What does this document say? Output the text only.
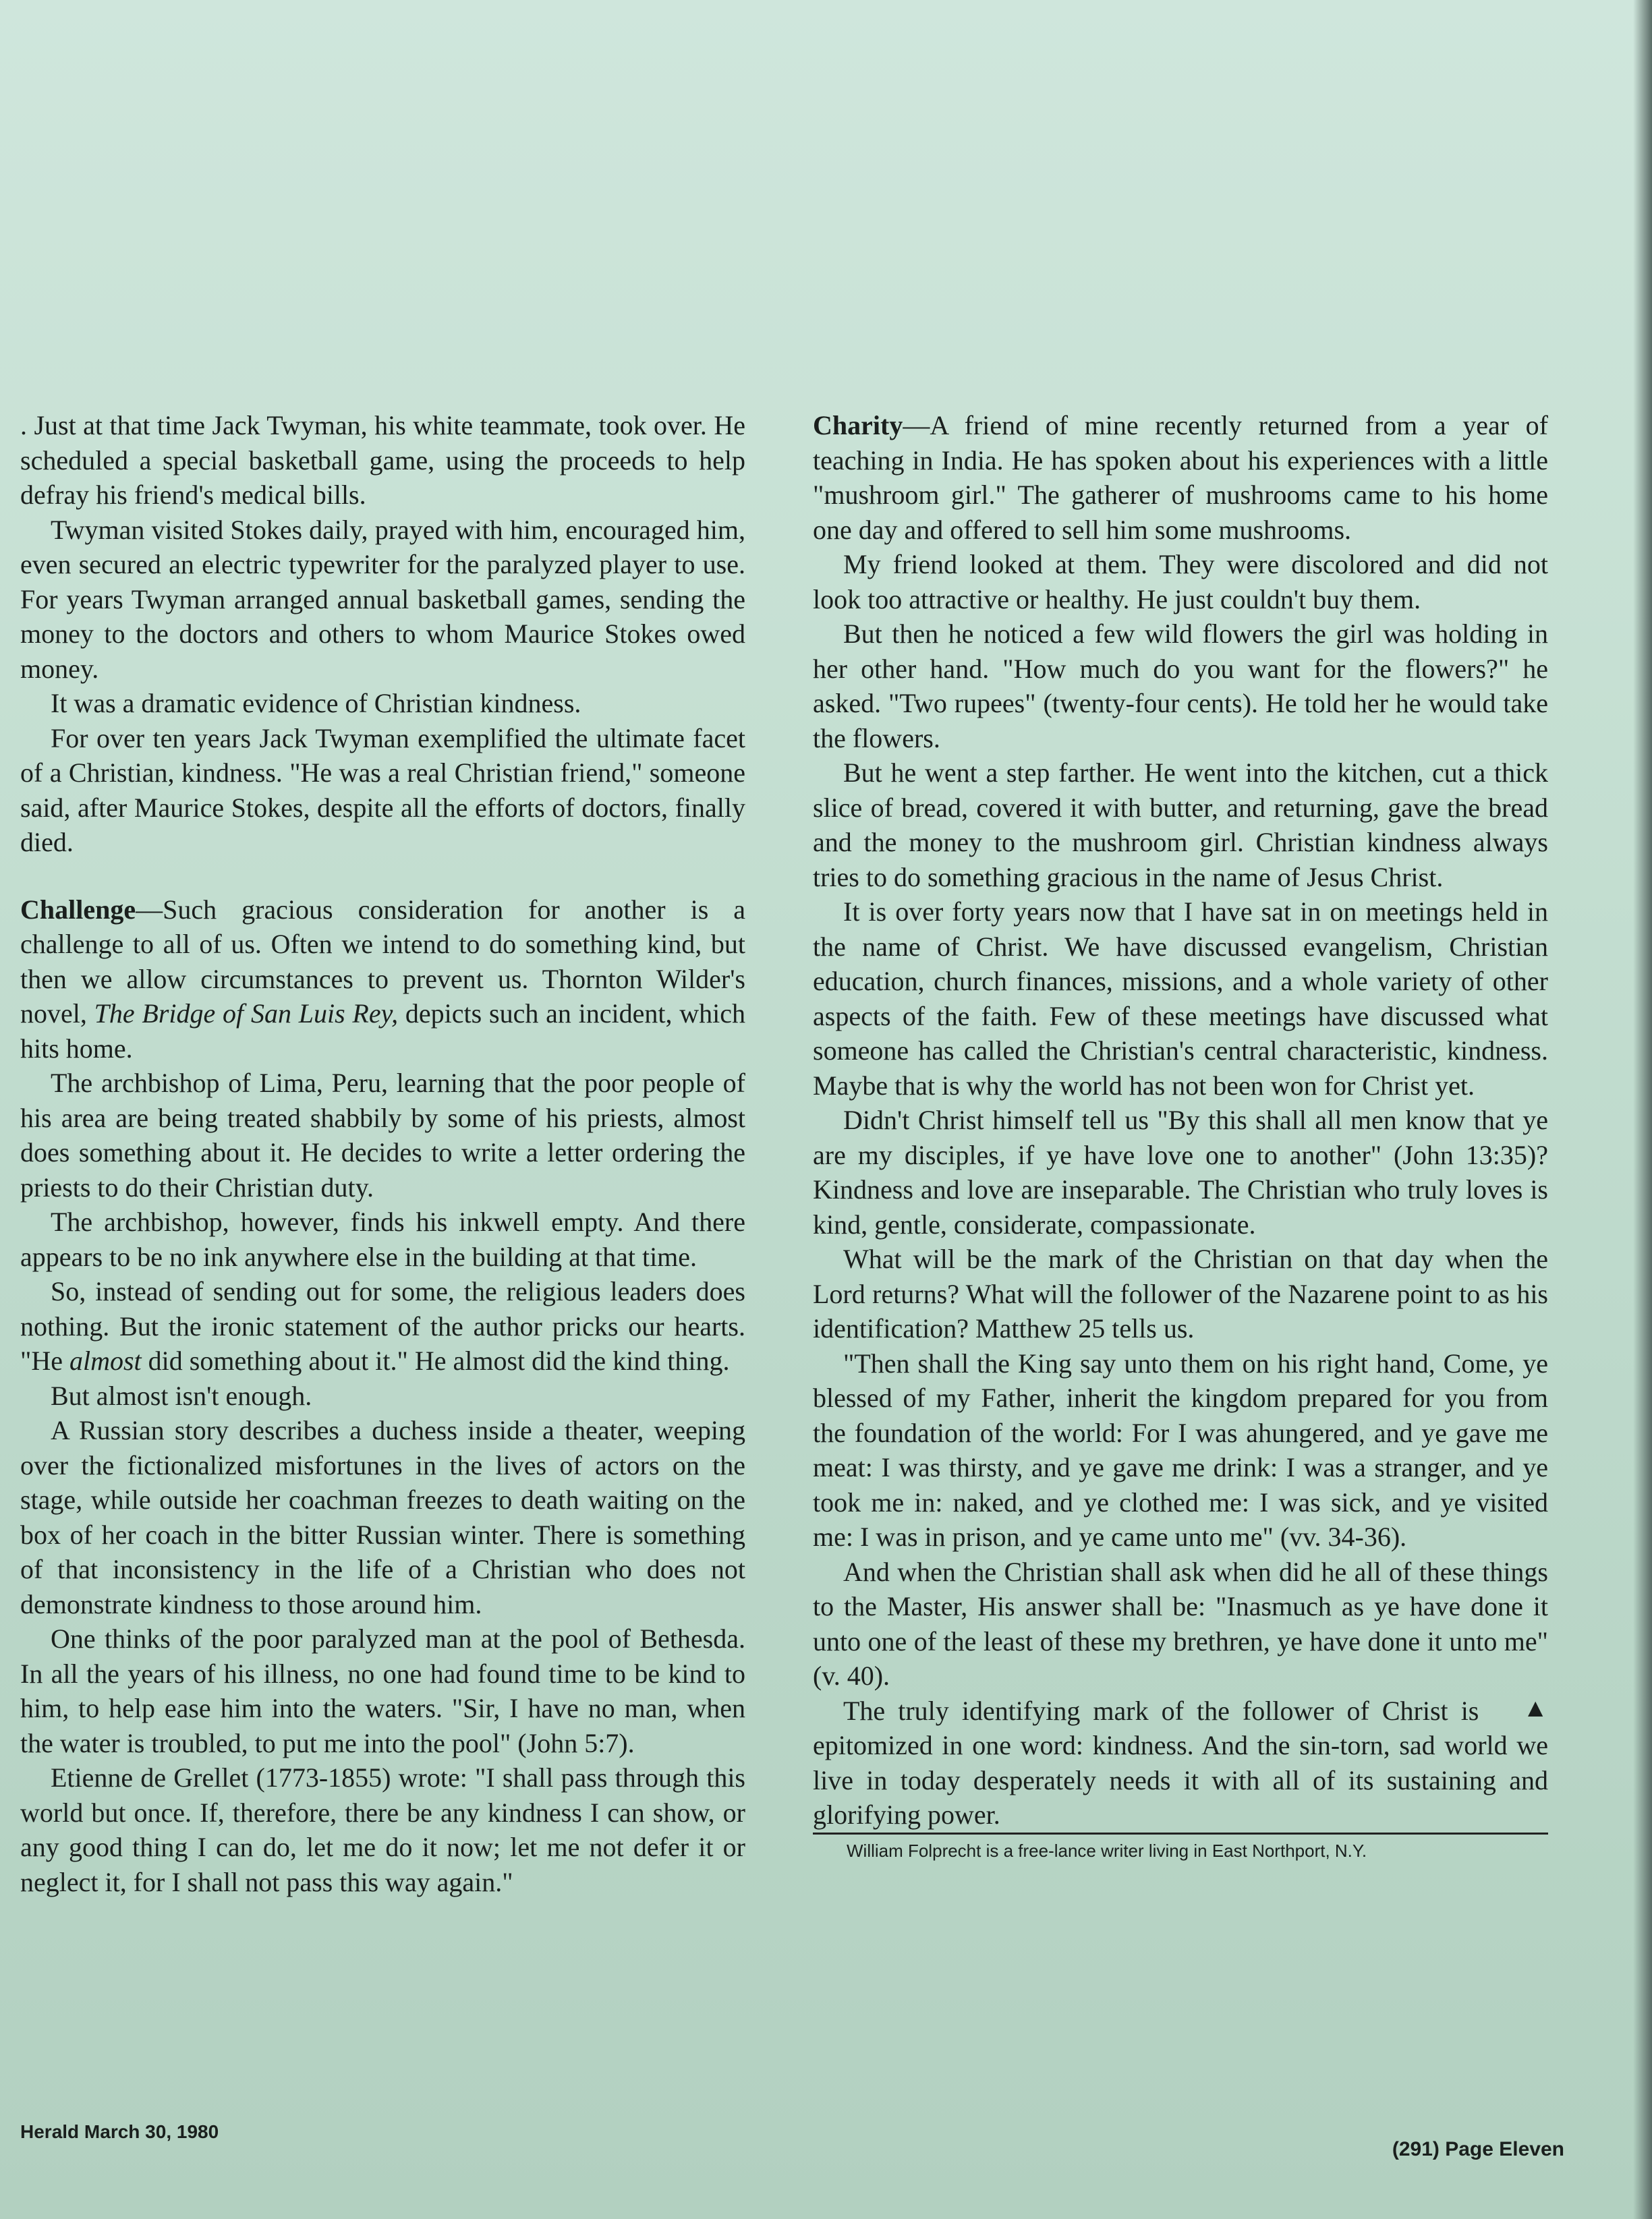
. Just at that time Jack Twyman, his white teammate, took over. He scheduled a special basketball game, using the proceeds to help defray his friend's medical bills.

Twyman visited Stokes daily, prayed with him, encouraged him, even secured an electric typewriter for the paralyzed player to use. For years Twyman arranged annual basketball games, sending the money to the doctors and others to whom Maurice Stokes owed money.

It was a dramatic evidence of Christian kindness.

For over ten years Jack Twyman exemplified the ultimate facet of a Christian, kindness. "He was a real Christian friend," someone said, after Maurice Stokes, despite all the efforts of doctors, finally died.

Challenge—Such gracious consideration for another is a challenge to all of us. Often we intend to do something kind, but then we allow circumstances to prevent us. Thornton Wilder's novel, The Bridge of San Luis Rey, depicts such an incident, which hits home.

The archbishop of Lima, Peru, learning that the poor people of his area are being treated shabbily by some of his priests, almost does something about it. He decides to write a letter ordering the priests to do their Christian duty.

The archbishop, however, finds his inkwell empty. And there appears to be no ink anywhere else in the building at that time.

So, instead of sending out for some, the religious leaders does nothing. But the ironic statement of the author pricks our hearts. "He almost did something about it." He almost did the kind thing.

But almost isn't enough.

A Russian story describes a duchess inside a theater, weeping over the fictionalized misfortunes in the lives of actors on the stage, while outside her coachman freezes to death waiting on the box of her coach in the bitter Russian winter. There is something of that inconsistency in the life of a Christian who does not demonstrate kindness to those around him.

One thinks of the poor paralyzed man at the pool of Bethesda. In all the years of his illness, no one had found time to be kind to him, to help ease him into the waters. "Sir, I have no man, when the water is troubled, to put me into the pool" (John 5:7).

Etienne de Grellet (1773-1855) wrote: "I shall pass through this world but once. If, therefore, there be any kindness I can show, or any good thing I can do, let me do it now; let me not defer it or neglect it, for I shall not pass this way again."

Charity—A friend of mine recently returned from a year of teaching in India. He has spoken about his experiences with a little "mushroom girl." The gatherer of mushrooms came to his home one day and offered to sell him some mushrooms.

My friend looked at them. They were discolored and did not look too attractive or healthy. He just couldn't buy them.

But then he noticed a few wild flowers the girl was holding in her other hand. "How much do you want for the flowers?" he asked. "Two rupees" (twenty-four cents). He told her he would take the flowers.

But he went a step farther. He went into the kitchen, cut a thick slice of bread, covered it with butter, and returning, gave the bread and the money to the mushroom girl. Christian kindness always tries to do something gracious in the name of Jesus Christ.

It is over forty years now that I have sat in on meetings held in the name of Christ. We have discussed evangelism, Christian education, church finances, missions, and a whole variety of other aspects of the faith. Few of these meetings have discussed what someone has called the Christian's central characteristic, kindness. Maybe that is why the world has not been won for Christ yet.

Didn't Christ himself tell us "By this shall all men know that ye are my disciples, if ye have love one to another" (John 13:35)? Kindness and love are inseparable. The Christian who truly loves is kind, gentle, considerate, compassionate.

What will be the mark of the Christian on that day when the Lord returns? What will the follower of the Nazarene point to as his identification? Matthew 25 tells us.

"Then shall the King say unto them on his right hand, Come, ye blessed of my Father, inherit the kingdom prepared for you from the foundation of the world: For I was ahungered, and ye gave me meat: I was thirsty, and ye gave me drink: I was a stranger, and ye took me in: naked, and ye clothed me: I was sick, and ye visited me: I was in prison, and ye came unto me" (vv. 34-36).

And when the Christian shall ask when did he all of these things to the Master, His answer shall be: "Inasmuch as ye have done it unto one of the least of these my brethren, ye have done it unto me" (v. 40).

▲
The truly identifying mark of the follower of Christ is epitomized in one word: kindness. And the sin-torn, sad world we live in today desperately needs it with all of its sustaining and glorifying power.

William Folprecht is a free-lance writer living in East Northport, N.Y.

Herald March 30, 1980
(291) Page Eleven
